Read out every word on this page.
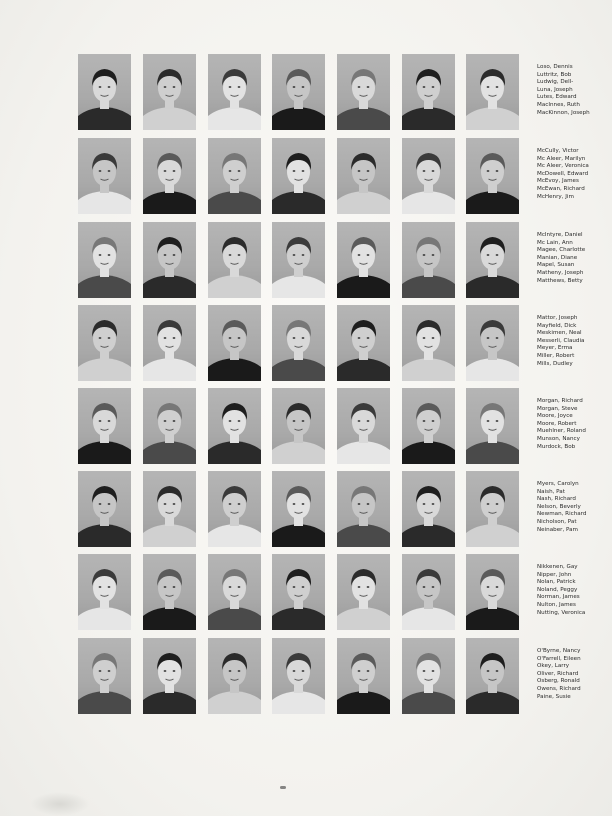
Loso, Dennis
Luttritz, Bob
Ludwig, Dell-
Luna, Joseph
Lutes, Edward
MacInnes, Ruth
MacKinnon, Joseph
McCully, Victor
Mc Aleer, Marilyn
Mc Aleer, Veronica
McDowell, Edward
McEvoy, James
McEwan, Richard
McHenry, Jim
McIntyre, Daniel
Mc Lain, Ann
Magee, Charlotte
Manian, Diane
Mapel, Susan
Matheny, Joseph
Matthews, Betty
Mattor, Joseph
Mayfield, Dick
Meskimen, Neal
Messerli, Claudia
Meyer, Erma
Miller, Robert
Mills, Dudley
Morgan, Richard
Morgan, Steve
Moore, Joyce
Moore, Robert
Muehlner, Roland
Munson, Nancy
Murdock, Bob
Myers, Carolyn
Naish, Pat
Nash, Richard
Nelson, Beverly
Newman, Richard
Nicholson, Pat
Neinaber, Pam
Nikkenen, Gay
Nipper, John
Nolan, Patrick
Noland, Peggy
Norman, James
Nulton, James
Nutting, Veronica
O'Byrne, Nancy
O'Farrell, Eileen
Okey, Larry
Oliver, Richard
Osberg, Ronald
Owens, Richard
Paine, Susie
